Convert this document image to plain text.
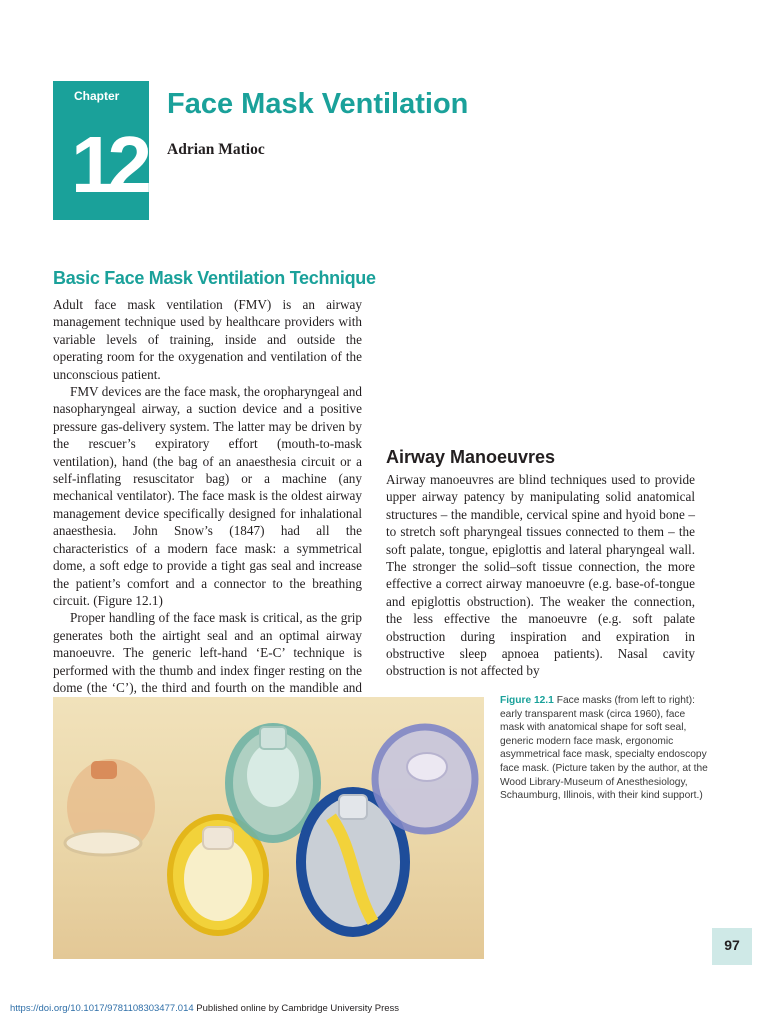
Chapter
12
Face Mask Ventilation
Adrian Matioc
Basic Face Mask Ventilation Technique

Adult face mask ventilation (FMV) is an airway management technique used by healthcare providers with variable levels of training, inside and outside the operating room for the oxygenation and ventilation of the unconscious patient.

FMV devices are the face mask, the oropharyngeal and nasopharyngeal airway, a suction device and a positive pressure gas-delivery system. The latter may be driven by the rescuer’s expiratory effort (mouth-to-mask ventilation), hand (the bag of an anaesthesia circuit or a self-inflating resuscitator bag) or a machine (any mechanical ventilator). The face mask is the oldest airway management device specifically designed for inhalational anaesthesia. John Snow’s (1847) had all the characteristics of a modern face mask: a symmetrical dome, a soft edge to provide a tight gas seal and increase the patient’s comfort and a connector to the breathing circuit. (Figure 12.1)

Proper handling of the face mask is critical, as the grip generates both the airtight seal and an optimal airway manoeuvre. The generic left-hand ‘E-C’ technique is performed with the thumb and index finger resting on the dome (the ‘C’), the third and fourth on the mandible and

Airway Manoeuvres

Airway manoeuvres are blind techniques used to provide upper airway patency by manipulating solid anatomical structures – the mandible, cervical spine and hyoid bone – to stretch soft pharyngeal tissues connected to them – the soft palate, tongue, epiglottis and lateral pharyngeal wall. The stronger the solid–soft tissue connection, the more effective a correct airway manoeuvre (e.g. base-of-tongue and epiglottis obstruction). The weaker the connection, the less effective the manoeuvre (e.g. soft palate obstruction during inspiration and expiration in obstructive sleep apnoea patients). Nasal cavity obstruction is not affected by

Figure 12.1 Face masks (from left to right): early transparent mask (circa 1960), face mask with anatomical shape for soft seal, generic modern face mask, ergonomic asymmetrical face mask, specialty endoscopy face mask. (Picture taken by the author, at the Wood Library-Museum of Anesthesiology, Schaumburg, Illinois, with their kind support.)
97
https://doi.org/10.1017/9781108303477.014 Published online by Cambridge University Press
